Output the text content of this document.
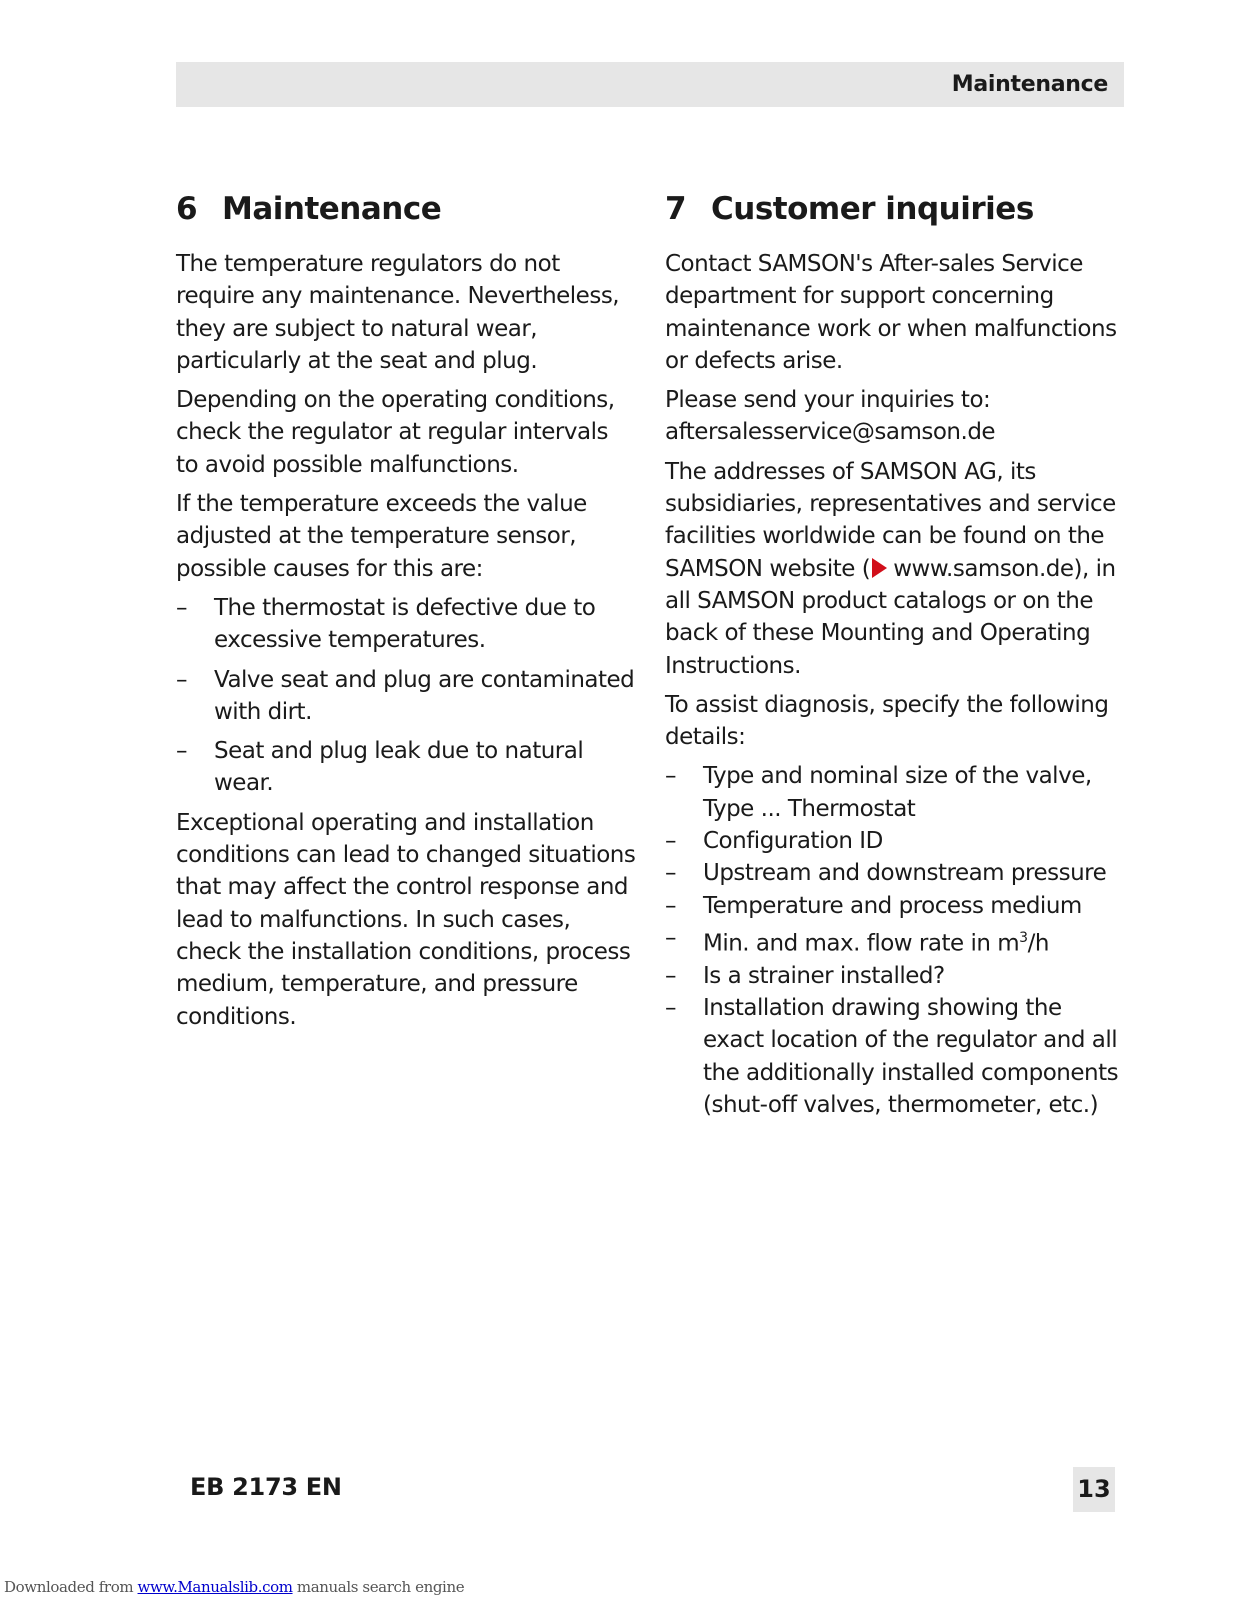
Maintenance
6 Maintenance

The temperature regulators do not require any maintenance. Nevertheless, they are subject to natural wear, particularly at the seat and plug.

Depending on the operating conditions, check the regulator at regular intervals to avoid possible malfunctions.

If the temperature exceeds the value adjusted at the temperature sensor, possible causes for this are:

– The thermostat is defective due to excessive temperatures.
– Valve seat and plug are contaminated with dirt.
– Seat and plug leak due to natural wear.

Exceptional operating and installation conditions can lead to changed situations that may affect the control response and lead to malfunctions. In such cases, check the installation conditions, process medium, temperature, and pressure conditions.

7 Customer inquiries

Contact SAMSON's After-sales Service department for support concerning maintenance work or when malfunctions or defects arise.

Please send your inquiries to:
aftersalesservice@samson.de

The addresses of SAMSON AG, its subsidiaries, representatives and service facilities worldwide can be found on the SAMSON website ( www.samson.de), in all SAMSON product catalogs or on the back of these Mounting and Operating Instructions.

To assist diagnosis, specify the following details:

– Type and nominal size of the valve, Type ... Thermostat
– Configuration ID
– Upstream and downstream pressure
– Temperature and process medium
– Min. and max. flow rate in $m^3/h$
– Is a strainer installed?
– Installation drawing showing the exact location of the regulator and all the additionally installed components (shut-off valves, thermometer, etc.)
EB 2173 EN	13
Downloaded from www.Manualslib.com manuals search engine
